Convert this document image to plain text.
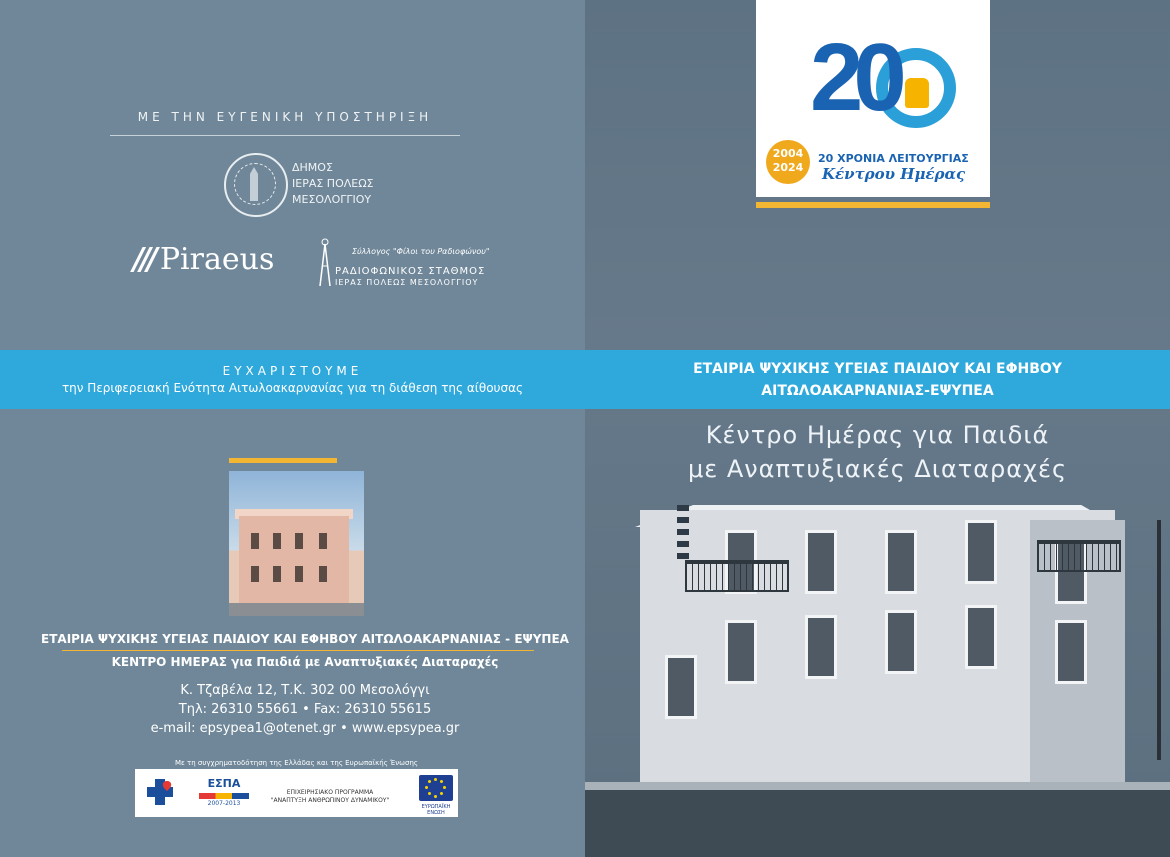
ΜΕ ΤΗΝ ΕΥΓΕΝΙΚΗ ΥΠΟΣΤΗΡΙΞΗ
ΔΗΜΟΣ
ΙΕΡΑΣ ΠΟΛΕΩΣ
ΜΕΣΟΛΟΓΓΙΟΥ
/// Piraeus	Σύλλογος "Φίλοι του Ραδιοφώνου"
ΡΑΔΙΟΦΩΝΙΚΟΣ ΣΤΑΘΜΟΣ
ΙΕΡΑΣ ΠΟΛΕΩΣ ΜΕΣΟΛΟΓΓΙΟΥ
20
2004
2024
20 ΧΡΟΝΙΑ ΛΕΙΤΟΥΡΓΙΑΣ
Κέντρου Ημέρας
ΕΥΧΑΡΙΣΤΟΥΜΕ
την Περιφερειακή Ενότητα Αιτωλοακαρνανίας για τη διάθεση της αίθουσας
ΕΤΑΙΡΙΑ ΨΥΧΙΚΗΣ ΥΓΕΙΑΣ ΠΑΙΔΙΟΥ ΚΑΙ ΕΦΗΒΟΥ
ΑΙΤΩΛΟΑΚΑΡΝΑΝΙΑΣ-ΕΨΥΠΕΑ
Κέντρο Ημέρας για Παιδιά
με Αναπτυξιακές Διαταραχές
ΕΤΑΙΡΙΑ ΨΥΧΙΚΗΣ ΥΓΕΙΑΣ ΠΑΙΔΙΟΥ ΚΑΙ ΕΦΗΒΟΥ ΑΙΤΩΛΟΑΚΑΡΝΑΝΙΑΣ - ΕΨΥΠΕΑ
ΚΕΝΤΡΟ ΗΜΕΡΑΣ για Παιδιά με Αναπτυξιακές Διαταραχές
Κ. Τζαβέλα 12, Τ.Κ. 302 00 Μεσολόγγι
Τηλ: 26310 55661 • Fax: 26310 55615
e-mail: epsypea1@otenet.gr • www.epsypea.gr
Με τη συγχρηματοδότηση της Ελλάδας και της Ευρωπαϊκής Ένωσης
ΕΣΠΑ
2007-2013
ΕΠΙΧΕΙΡΗΣΙΑΚΟ ΠΡΟΓΡΑΜΜΑ
"ΑΝΑΠΤΥΞΗ ΑΝΘΡΩΠΙΝΟΥ ΔΥΝΑΜΙΚΟΥ"
ΕΥΡΩΠΑΪΚΗ ΕΝΩΣΗ
